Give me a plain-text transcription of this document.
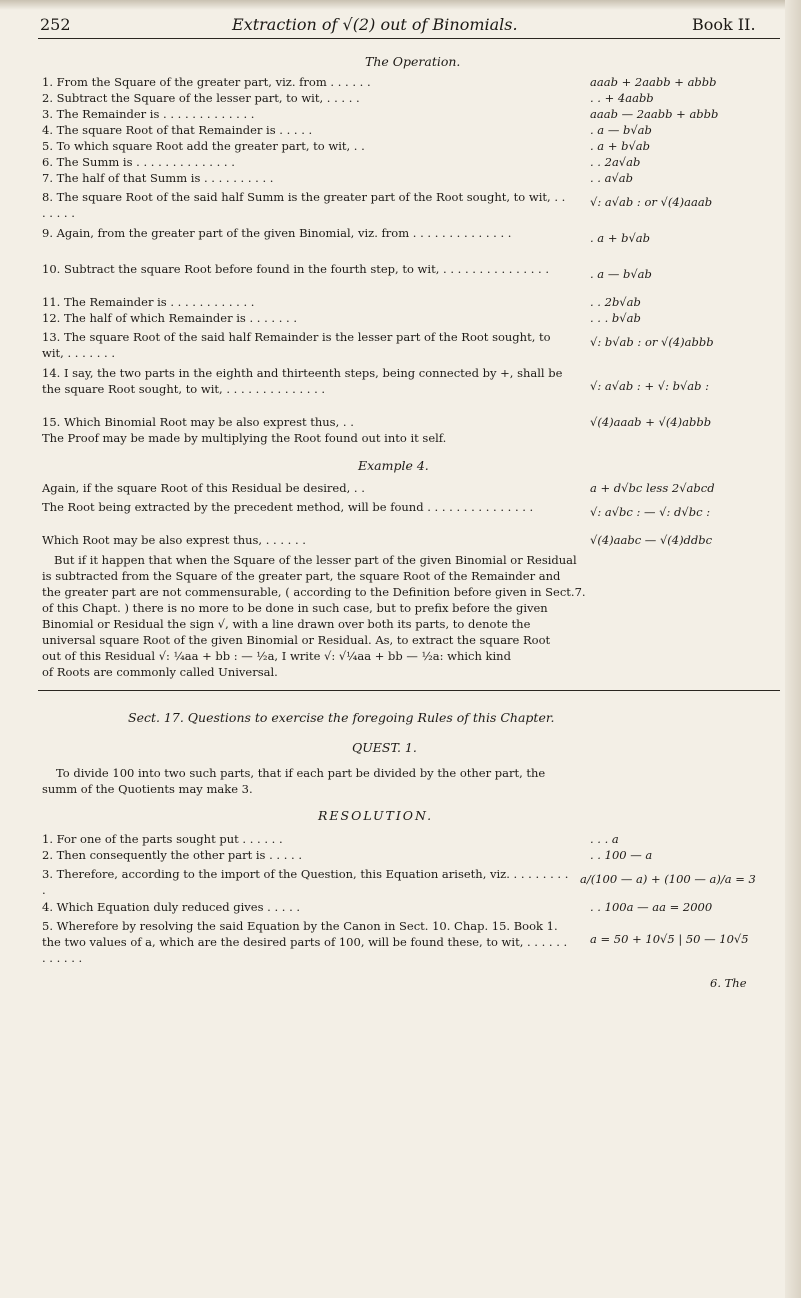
252	Extraction of √(2) out of Binomials.	Book II.
The Operation.
1. From the Square of the greater part, viz. from . . . . . .	aaab + 2aabb + abbb
2. Subtract the Square of the lesser part, to wit, . . . . .	. . + 4aabb
3. The Remainder is . . . . . . . . . . . . .	aaab — 2aabb + abbb
4. The square Root of that Remainder is . . . . .	. a — b√ab
5. To which square Root add the greater part, to wit, . .	. a + b√ab
6. The Summ is . . . . . . . . . . . . . .	. . 2a√ab
7. The half of that Summ is . . . . . . . . . .	. . a√ab
8. The square Root of the said half Summ is the greater part of the Root sought, to wit, . . . . . . .
√: a√ab : or √(4)aaab
9. Again, from the greater part of the given Binomial, viz. from . . . . . . . . . . . . . .	. a + b√ab
10. Subtract the square Root before found in the fourth step, to wit, . . . . . . . . . . . . . . .	. a — b√ab
11. The Remainder is . . . . . . . . . . . .	. . 2b√ab
12. The half of which Remainder is . . . . . . .	. . . b√ab
13. The square Root of the said half Remainder is the lesser part of the Root sought, to wit, . . . . . . .
√: b√ab : or √(4)abbb
14. I say, the two parts in the eighth and thirteenth steps, being connected by +, shall be the square Root sought, to wit, . . . . . . . . . . . . . .	√: a√ab : + √: b√ab :
15. Which Binomial Root may be also exprest thus, . .	√(4)aaab + √(4)abbb
The Proof may be made by multiplying the Root found out into it self.
Example 4.
Again, if the square Root of this Residual be desired, . .	a + d√bc less 2√abcd
The Root being extracted by the precedent method, will be found . . . . . . . . . . . . . . .	√: a√bc : — √: d√bc :
Which Root may be also exprest thus, . . . . . .	√(4)aabc — √(4)ddbc
But if it happen that when the Square of the lesser part of the given Binomial or Residual
is subtracted from the Square of the greater part, the square Root of the Remainder and
the greater part are not commensurable, ( according to the Definition before given in Sect.7.
of this Chapt. ) there is no more to be done in such case, but to prefix before the given
Binomial or Residual the sign √, with a line drawn over both its parts, to denote the
universal square Root of the given Binomial or Residual. As, to extract the square Root
out of this Residual √: ¼aa + bb : — ½a, I write √: √¼aa + bb — ½a: which kind
of Roots are commonly called Universal.
Sect. 17. Questions to exercise the foregoing Rules of this Chapter.
QUEST. 1.
To divide 100 into two such parts, that if each part be divided by the other part, the
summ of the Quotients may make 3.
RESOLUTION.
1. For one of the parts sought put . . . . . .	. . . a
2. Then consequently the other part is . . . . .	. . 100 — a
3. Therefore, according to the import of the Question, this Equation ariseth, viz. . . . . . . . . .
a/(100 — a) + (100 — a)/a = 3
4. Which Equation duly reduced gives . . . . .	. . 100a — aa = 2000
5. Wherefore by resolving the said Equation by the Canon in Sect. 10. Chap. 15. Book 1. the two values of a, which are the desired parts of 100, will be found these, to wit, . . . . . . . . . . . .
a = 50 + 10√5 | 50 — 10√5
6. The
